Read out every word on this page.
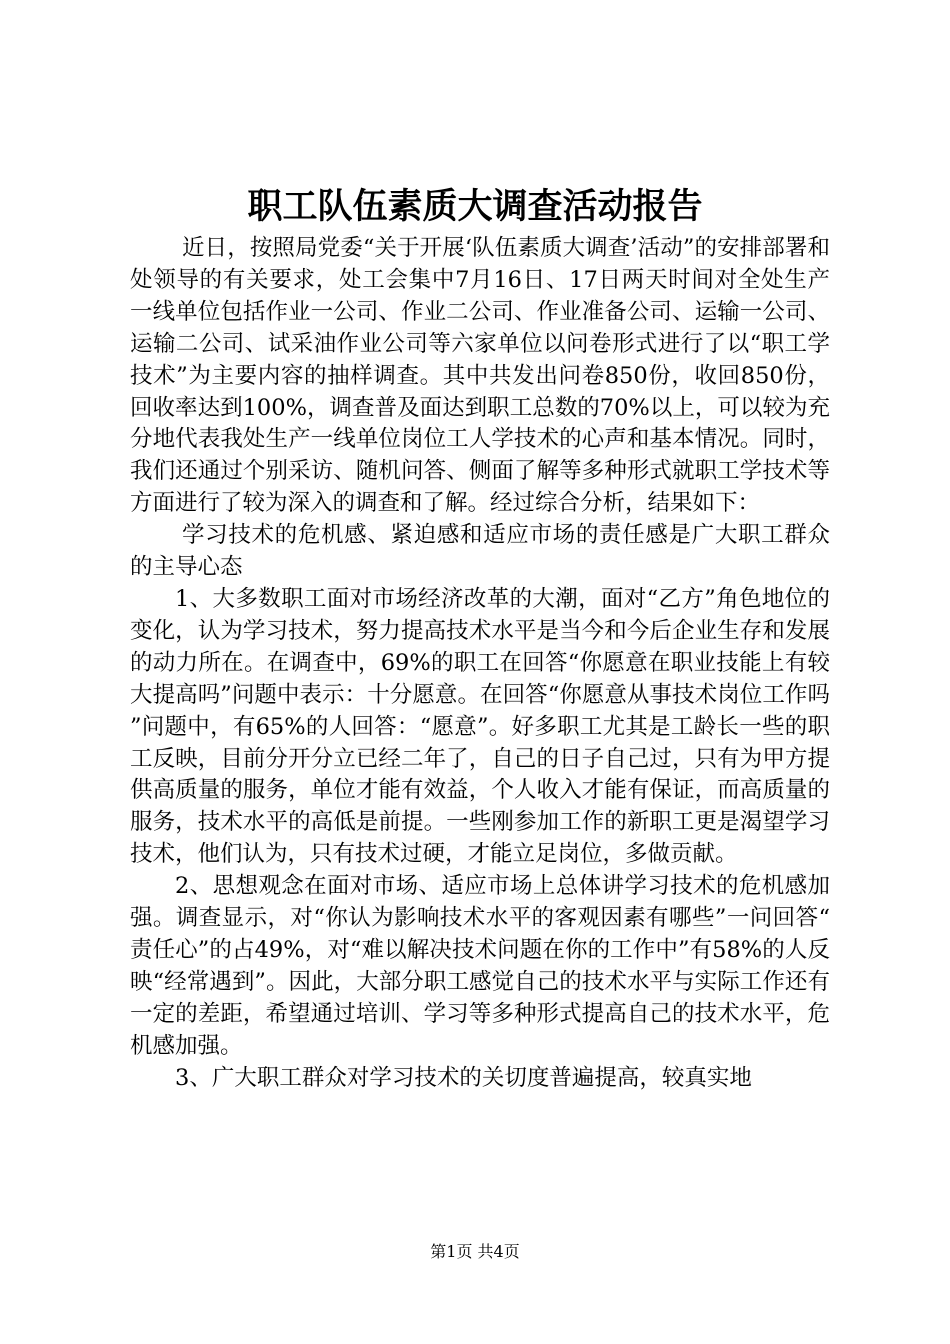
职工队伍素质大调查活动报告

近日，按照局党委“关于开展‘队伍素质大调查’活动”的安排部署和处领导的有关要求，处工会集中7月16日、17日两天时间对全处生产一线单位包括作业一公司、作业二公司、作业准备公司、运输一公司、运输二公司、试采油作业公司等六家单位以问卷形式进行了以“职工学技术”为主要内容的抽样调查。其中共发出问卷850份，收回850份，回收率达到100%，调查普及面达到职工总数的70%以上，可以较为充分地代表我处生产一线单位岗位工人学技术的心声和基本情况。同时，我们还通过个别采访、随机问答、侧面了解等多种形式就职工学技术等方面进行了较为深入的调查和了解。经过综合分析，结果如下：

学习技术的危机感、紧迫感和适应市场的责任感是广大职工群众的主导心态

1、大多数职工面对市场经济改革的大潮，面对“乙方”角色地位的变化，认为学习技术，努力提高技术水平是当今和今后企业生存和发展的动力所在。在调查中，69%的职工在回答“你愿意在职业技能上有较大提高吗”问题中表示：十分愿意。在回答“你愿意从事技术岗位工作吗”问题中，有65%的人回答：“愿意”。好多职工尤其是工龄长一些的职工反映，目前分开分立已经二年了，自己的日子自己过，只有为甲方提供高质量的服务，单位才能有效益，个人收入才能有保证，而高质量的服务，技术水平的高低是前提。一些刚参加工作的新职工更是渴望学习技术，他们认为，只有技术过硬，才能立足岗位，多做贡献。

2、思想观念在面对市场、适应市场上总体讲学习技术的危机感加强。调查显示，对“你认为影响技术水平的客观因素有哪些”一问回答“责任心”的占49%，对“难以解决技术问题在你的工作中”有58%的人反映“经常遇到”。因此，大部分职工感觉自己的技术水平与实际工作还有一定的差距，希望通过培训、学习等多种形式提高自己的技术水平，危机感加强。

3、广大职工群众对学习技术的关切度普遍提高，较真实地

第1页 共4页
